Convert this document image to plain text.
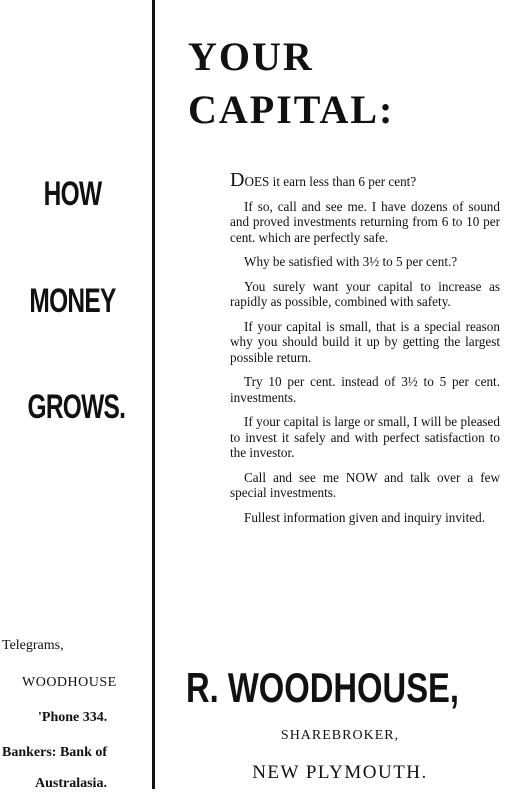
HOW
MONEY
GROWS.
Telegrams,
WOODHOUSE
'Phone 334.
Bankers: Bank of
Australasia.
YOUR
CAPITAL:

DOES it earn less than 6 per cent?

If so, call and see me. I have dozens of sound and proved investments returning from 6 to 10 per cent. which are perfectly safe.

Why be satisfied with 3½ to 5 per cent.?

You surely want your capital to increase as rapidly as possible, combined with safety.

If your capital is small, that is a special reason why you should build it up by getting the largest possible return.

Try 10 per cent. instead of 3½ to 5 per cent. investments.

If your capital is large or small, I will be pleased to invest it safely and with perfect satisfaction to the investor.

Call and see me NOW and talk over a few special investments.

Fullest information given and inquiry invited.

R. WOODHOUSE,
SHAREBROKER,
NEW PLYMOUTH.
